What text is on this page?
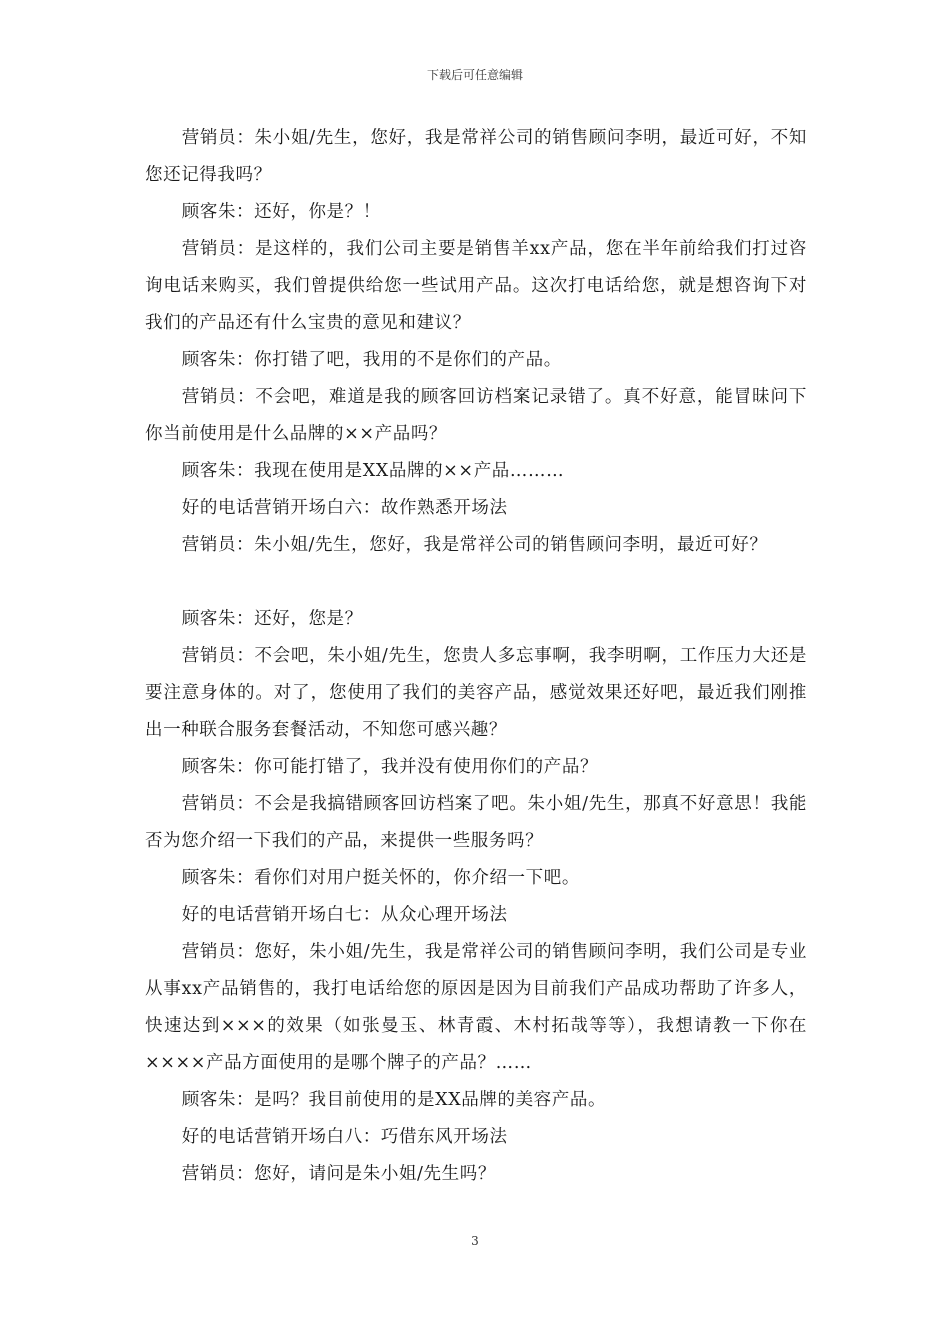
下载后可任意编辑

营销员：朱小姐/先生，您好，我是常祥公司的销售顾问李明，最近可好，不知您还记得我吗？

顾客朱：还好，你是？！

营销员：是这样的，我们公司主要是销售羊xx产品，您在半年前给我们打过咨询电话来购买，我们曾提供给您一些试用产品。这次打电话给您，就是想咨询下对我们的产品还有什么宝贵的意见和建议？

顾客朱：你打错了吧，我用的不是你们的产品。

营销员：不会吧，难道是我的顾客回访档案记录错了。真不好意，能冒昧问下你当前使用是什么品牌的××产品吗？

顾客朱：我现在使用是XX品牌的××产品………

好的电话营销开场白六：故作熟悉开场法

营销员：朱小姐/先生，您好，我是常祥公司的销售顾问李明，最近可好？

顾客朱：还好，您是？

营销员：不会吧，朱小姐/先生，您贵人多忘事啊，我李明啊，工作压力大还是要注意身体的。对了，您使用了我们的美容产品，感觉效果还好吧，最近我们刚推出一种联合服务套餐活动，不知您可感兴趣？

顾客朱：你可能打错了，我并没有使用你们的产品？

营销员：不会是我搞错顾客回访档案了吧。朱小姐/先生，那真不好意思！我能否为您介绍一下我们的产品，来提供一些服务吗？

顾客朱：看你们对用户挺关怀的，你介绍一下吧。

好的电话营销开场白七：从众心理开场法

营销员：您好，朱小姐/先生，我是常祥公司的销售顾问李明，我们公司是专业从事xx产品销售的，我打电话给您的原因是因为目前我们产品成功帮助了许多人，快速达到×××的效果（如张曼玉、林青霞、木村拓哉等等），我想请教一下你在××××产品方面使用的是哪个牌子的产品？……

顾客朱：是吗？我目前使用的是XX品牌的美容产品。

好的电话营销开场白八：巧借东风开场法

营销员：您好，请问是朱小姐/先生吗？

3
